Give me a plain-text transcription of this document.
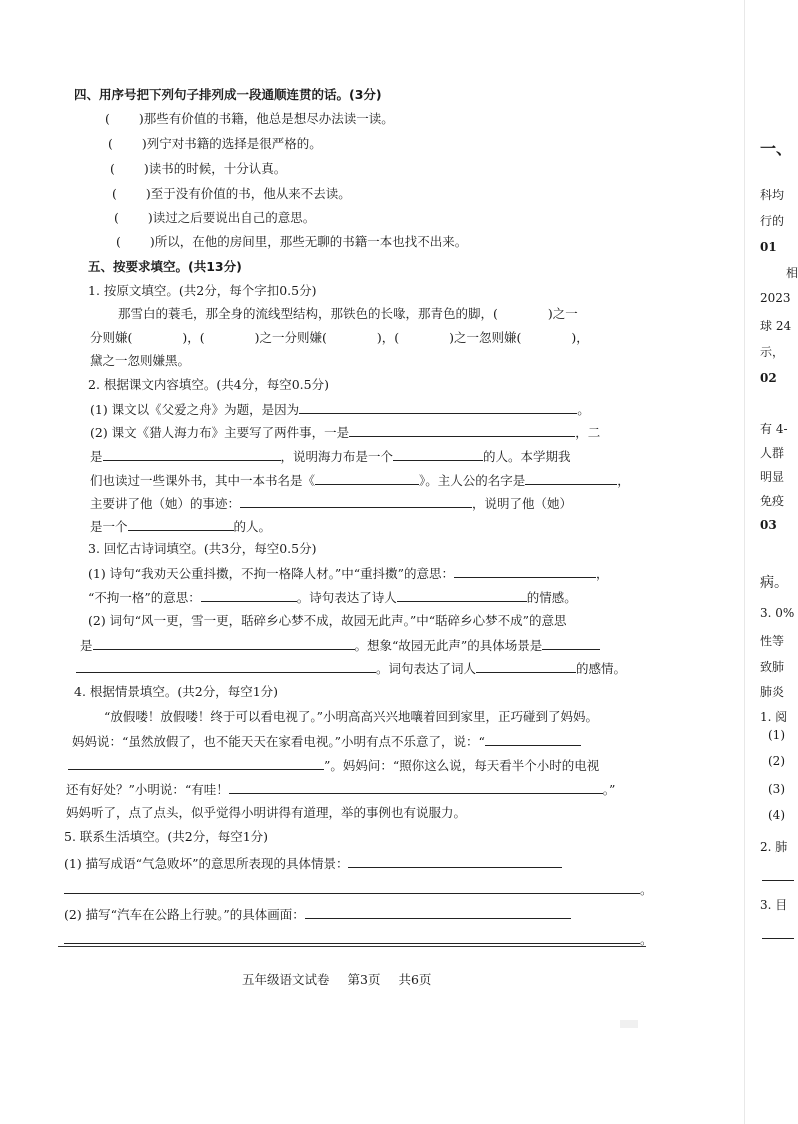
四、用序号把下列句子排列成一段通顺连贯的话。(3分)
( 　　)那些有价值的书籍，他总是想尽办法读一读。
( 　　)列宁对书籍的选择是很严格的。
( 　　)读书的时候，十分认真。
( 　　)至于没有价值的书，他从来不去读。
( 　　)读过之后要说出自己的意思。
( 　　)所以，在他的房间里，那些无聊的书籍一本也找不出来。
五、按要求填空。(共13分)
1. 按原文填空。(共2分，每个字扣0.5分)
那雪白的蓑毛，那全身的流线型结构，那铁色的长喙，那青色的脚，(　　　　)之一
分则嫌(　　　　)，(　　　　)之一分则嫌(　　　　)，(　　　　)之一忽则嫌(　　　　)，
黛之一忽则嫌黑。
2. 根据课文内容填空。(共4分，每空0.5分)
(1) 课文以《父爱之舟》为题，是因为	。
(2) 课文《猎人海力布》主要写了两件事，一是	，二
是	，说明海力布是一个	的人。本学期我
们也读过一些课外书，其中一本书名是《	》。主人公的名字是	，
主要讲了他（她）的事迹：	，说明了他（她）
是一个	的人。
3. 回忆古诗词填空。(共3分，每空0.5分)
(1) 诗句“我劝天公重抖擞，不拘一格降人材。”中“重抖擞”的意思：	，
“不拘一格”的意思：	。诗句表达了诗人	的情感。
(2) 词句“风一更，雪一更，聒碎乡心梦不成，故园无此声。”中“聒碎乡心梦不成”的意思
是	。想象“故园无此声”的具体场景是
。词句表达了词人	的感情。
4. 根据情景填空。(共2分，每空1分)
“放假喽！放假喽！终于可以看电视了。”小明高高兴兴地嚷着回到家里，正巧碰到了妈妈。
妈妈说：“虽然放假了，也不能天天在家看电视。”小明有点不乐意了，说：“
”。妈妈问：“照你这么说，每天看半个小时的电视
还有好处？”小明说：“有哇！	。”
妈妈听了，点了点头，似乎觉得小明讲得有道理，举的事例也有说服力。
5. 联系生活填空。(共2分，每空1分)
(1) 描写成语“气急败坏”的意思所表现的具体情景：
。
(2) 描写“汽车在公路上行驶。”的具体画面：
。
五年级语文试卷 第3页 共6页
一、
科均
行的
01
相
2023
球 24
示，
02
有 4-
人群
明显
免疫
03
病。
3. 0%
性等
致肺
肺炎
1. 阅
(1)
(2)
(3)
(4)
2. 肺
3. 目
